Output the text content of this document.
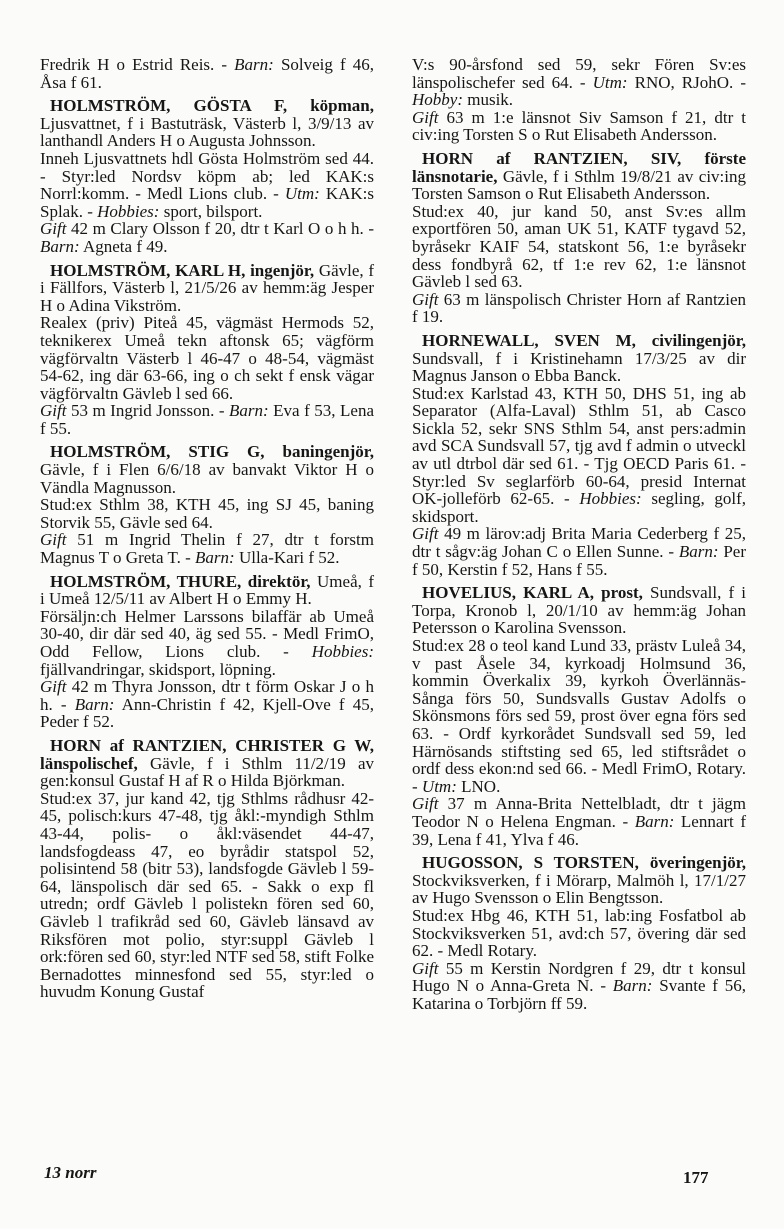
Fredrik H o Estrid Reis. - Barn: Solveig f 46, Åsa f 61.

HOLMSTRÖM, GÖSTA F, köpman, Ljusvattnet, f i Bastuträsk, Västerb l, 3/9/13 av lanthandl Anders H o Augusta Johnsson.

Inneh Ljusvattnets hdl Gösta Holmström sed 44. - Styr:led Nordsv köpm ab; led KAK:s Norrl:komm. - Medl Lions club. - Utm: KAK:s Splak. - Hobbies: sport, bilsport.

Gift 42 m Clary Olsson f 20, dtr t Karl O o h h. - Barn: Agneta f 49.

HOLMSTRÖM, KARL H, ingenjör, Gävle, f i Fällfors, Västerb l, 21/5/26 av hemm:äg Jesper H o Adina Vikström.

Realex (priv) Piteå 45, vägmäst Hermods 52, teknikerex Umeå tekn aftonsk 65; vägförm vägförvaltn Västerb l 46-47 o 48-54, vägmäst 54-62, ing där 63-66, ing o ch sekt f ensk vägar vägförvaltn Gävleb l sed 66.

Gift 53 m Ingrid Jonsson. - Barn: Eva f 53, Lena f 55.

HOLMSTRÖM, STIG G, baningenjör, Gävle, f i Flen 6/6/18 av banvakt Viktor H o Vändla Magnusson.

Stud:ex Sthlm 38, KTH 45, ing SJ 45, baning Storvik 55, Gävle sed 64.

Gift 51 m Ingrid Thelin f 27, dtr t forstm Magnus T o Greta T. - Barn: Ulla-Kari f 52.

HOLMSTRÖM, THURE, direktör, Umeå, f i Umeå 12/5/11 av Albert H o Emmy H.

Försäljn:ch Helmer Larssons bilaffär ab Umeå 30-40, dir där sed 40, äg sed 55. - Medl FrimO, Odd Fellow, Lions club. - Hobbies: fjällvandringar, skidsport, löpning.

Gift 42 m Thyra Jonsson, dtr t förm Oskar J o h h. - Barn: Ann-Christin f 42, Kjell-Ove f 45, Peder f 52.

HORN af RANTZIEN, CHRISTER G W, länspolischef, Gävle, f i Sthlm 11/2/19 av gen:konsul Gustaf H af R o Hilda Björkman.

Stud:ex 37, jur kand 42, tjg Sthlms rådhusr 42-45, polisch:kurs 47-48, tjg åkl:-myndigh Sthlm 43-44, polis- o åkl:väsendet 44-47, landsfogdeass 47, eo byrådir statspol 52, polisintend 58 (bitr 53), landsfogde Gävleb l 59-64, länspolisch där sed 65. - Sakk o exp fl utredn; ordf Gävleb l polistekn fören sed 60, Gävleb l trafikråd sed 60, Gävleb länsavd av Riksfören mot polio, styr:suppl Gävleb l ork:fören sed 60, styr:led NTF sed 58, stift Folke Bernadottes minnesfond sed 55, styr:led o huvudm Konung Gustaf

V:s 90-årsfond sed 59, sekr Fören Sv:es länspolischefer sed 64. - Utm: RNO, RJohO. - Hobby: musik.

Gift 63 m 1:e länsnot Siv Samson f 21, dtr t civ:ing Torsten S o Rut Elisabeth Andersson.

HORN af RANTZIEN, SIV, förste länsnotarie, Gävle, f i Sthlm 19/8/21 av civ:ing Torsten Samson o Rut Elisabeth Andersson.

Stud:ex 40, jur kand 50, anst Sv:es allm exportfören 50, aman UK 51, KATF tygavd 52, byråsekr KAIF 54, statskont 56, 1:e byråsekr dess fondbyrå 62, tf 1:e rev 62, 1:e länsnot Gävleb l sed 63.

Gift 63 m länspolisch Christer Horn af Rantzien f 19.

HORNEWALL, SVEN M, civilingenjör, Sundsvall, f i Kristinehamn 17/3/25 av dir Magnus Janson o Ebba Banck.

Stud:ex Karlstad 43, KTH 50, DHS 51, ing ab Separator (Alfa-Laval) Sthlm 51, ab Casco Sickla 52, sekr SNS Sthlm 54, anst pers:admin avd SCA Sundsvall 57, tjg avd f admin o utveckl av utl dtrbol där sed 61. - Tjg OECD Paris 61. - Styr:led Sv seglarförb 60-64, presid Internat OK-jolleförb 62-65. - Hobbies: segling, golf, skidsport.

Gift 49 m lärov:adj Brita Maria Cederberg f 25, dtr t sågv:äg Johan C o Ellen Sunne. - Barn: Per f 50, Kerstin f 52, Hans f 55.

HOVELIUS, KARL A, prost, Sundsvall, f i Torpa, Kronob l, 20/1/10 av hemm:äg Johan Petersson o Karolina Svensson.

Stud:ex 28 o teol kand Lund 33, prästv Luleå 34, v past Åsele 34, kyrkoadj Holmsund 36, kommin Överkalix 39, kyrkoh Överlännäs-Sånga förs 50, Sundsvalls Gustav Adolfs o Skönsmons förs sed 59, prost över egna förs sed 63. - Ordf kyrkorådet Sundsvall sed 59, led Härnösands stiftsting sed 65, led stiftsrådet o ordf dess ekon:nd sed 66. - Medl FrimO, Rotary. - Utm: LNO.

Gift 37 m Anna-Brita Nettelbladt, dtr t jägm Teodor N o Helena Engman. - Barn: Lennart f 39, Lena f 41, Ylva f 46.

HUGOSSON, S TORSTEN, överingenjör, Stockviksverken, f i Mörarp, Malmöh l, 17/1/27 av Hugo Svensson o Elin Bengtsson.

Stud:ex Hbg 46, KTH 51, lab:ing Fosfatbol ab Stockviksverken 51, avd:ch 57, övering där sed 62. - Medl Rotary.

Gift 55 m Kerstin Nordgren f 29, dtr t konsul Hugo N o Anna-Greta N. - Barn: Svante f 56, Katarina o Torbjörn ff 59.

13 norr	177
